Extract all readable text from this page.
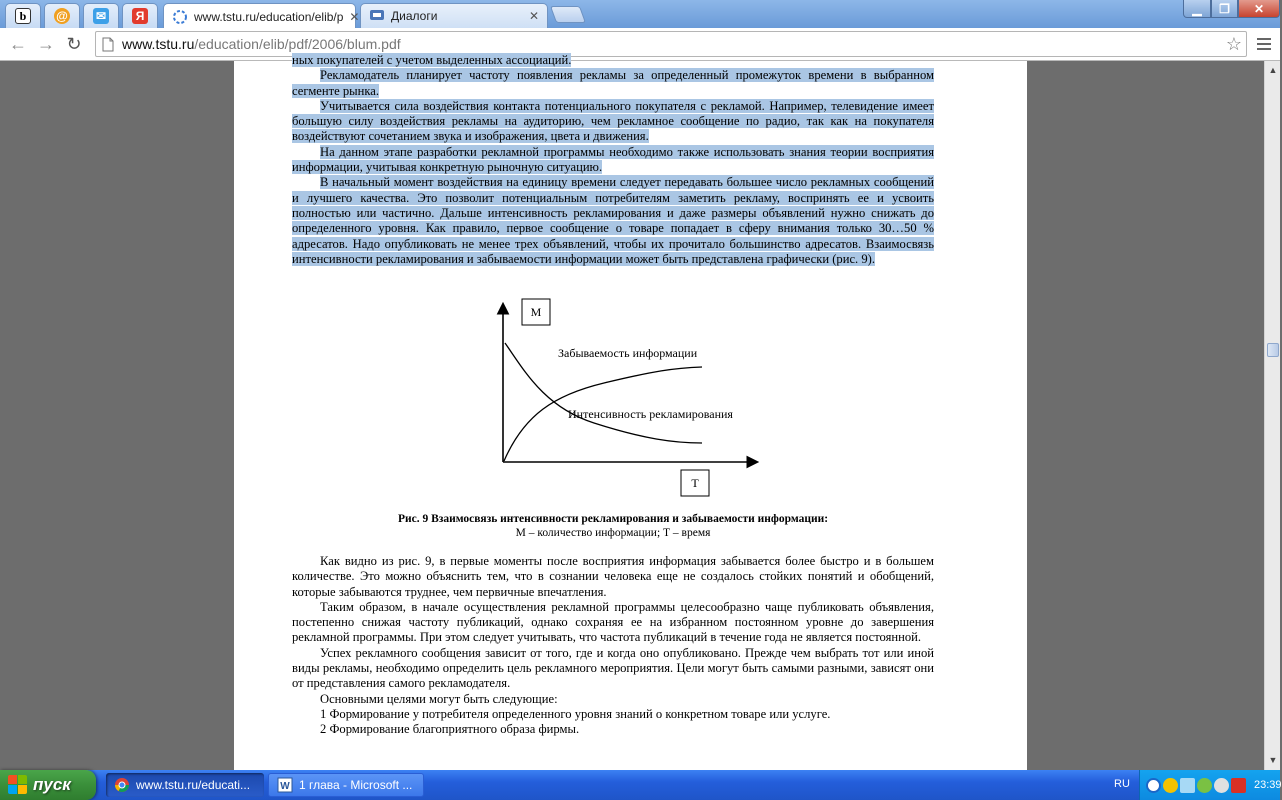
b	@ ✉	Я	www.tstu.ru/education/elib/p ✕	Диалоги	✕
▁	❐	✕
← → ↻	www.tstu.ru /education/elib/pdf/2006/blum.pdf	☆
ных покупателей с учетом выделенных ассоциаций.

Рекламодатель планирует частоту появления рекламы за определенный промежуток времени в выбранном сегменте рынка.

Учитывается сила воздействия контакта потенциального покупателя с рекламой. Например, телевидение имеет большую силу воздействия рекламы на аудиторию, чем рекламное сообщение по радио, так как на покупателя воздействуют сочетанием звука и изображения, цвета и движения.

На данном этапе разработки рекламной программы необходимо также использовать знания теории восприятия информации, учитывая конкретную рыночную ситуацию.

В начальный момент воздействия на единицу времени следует передавать большее число рекламных сообщений и лучшего качества. Это позволит потенциальным потребителям заметить рекламу, воспринять ее и усвоить полностью или частично. Дальше интенсивность рекламирования и даже размеры объявлений нужно снижать до определенного уровня. Как правило, первое сообщение о товаре попадает в сферу внимания только 30…50 % адресатов. Надо опубликовать не менее трех объявлений, чтобы их прочитало большинство адресатов. Взаимосвязь интенсивности рекламирования и забываемости информации может быть представлена графически (рис. 9).

М
Т
Забываемость информации
Интенсивность рекламирования
Рис. 9 Взаимосвязь интенсивности рекламирования и забываемости информации:
М – количество информации; Т – время

Как видно из рис. 9, в первые моменты после восприятия информация забывается более быстро и в большем количестве. Это можно объяснить тем, что в сознании человека еще не создалось стойких понятий и обобщений, которые забываются труднее, чем первичные впечатления.

Таким образом, в начале осуществления рекламной программы целесообразно чаще публиковать объявления, постепенно снижая частоту публикаций, однако сохраняя ее на избранном постоянном уровне до завершения рекламной программы. При этом следует учитывать, что частота публикаций в течение года не является постоянной.

Успех рекламного сообщения зависит от того, где и когда оно опубликовано. Прежде чем выбрать тот или иной виды рекламы, необходимо определить цель рекламного мероприятия. Цели могут быть самыми разными, зависят они от представления самого рекламодателя.

Основными целями могут быть следующие:

1 Формирование у потребителя определенного уровня знаний о конкретном товаре или услуге.
2 Формирование благоприятного образа фирмы.
▲
▼
пуск	www.tstu.ru/educati...	W 1 глава - Microsoft ...	RU	23:39
